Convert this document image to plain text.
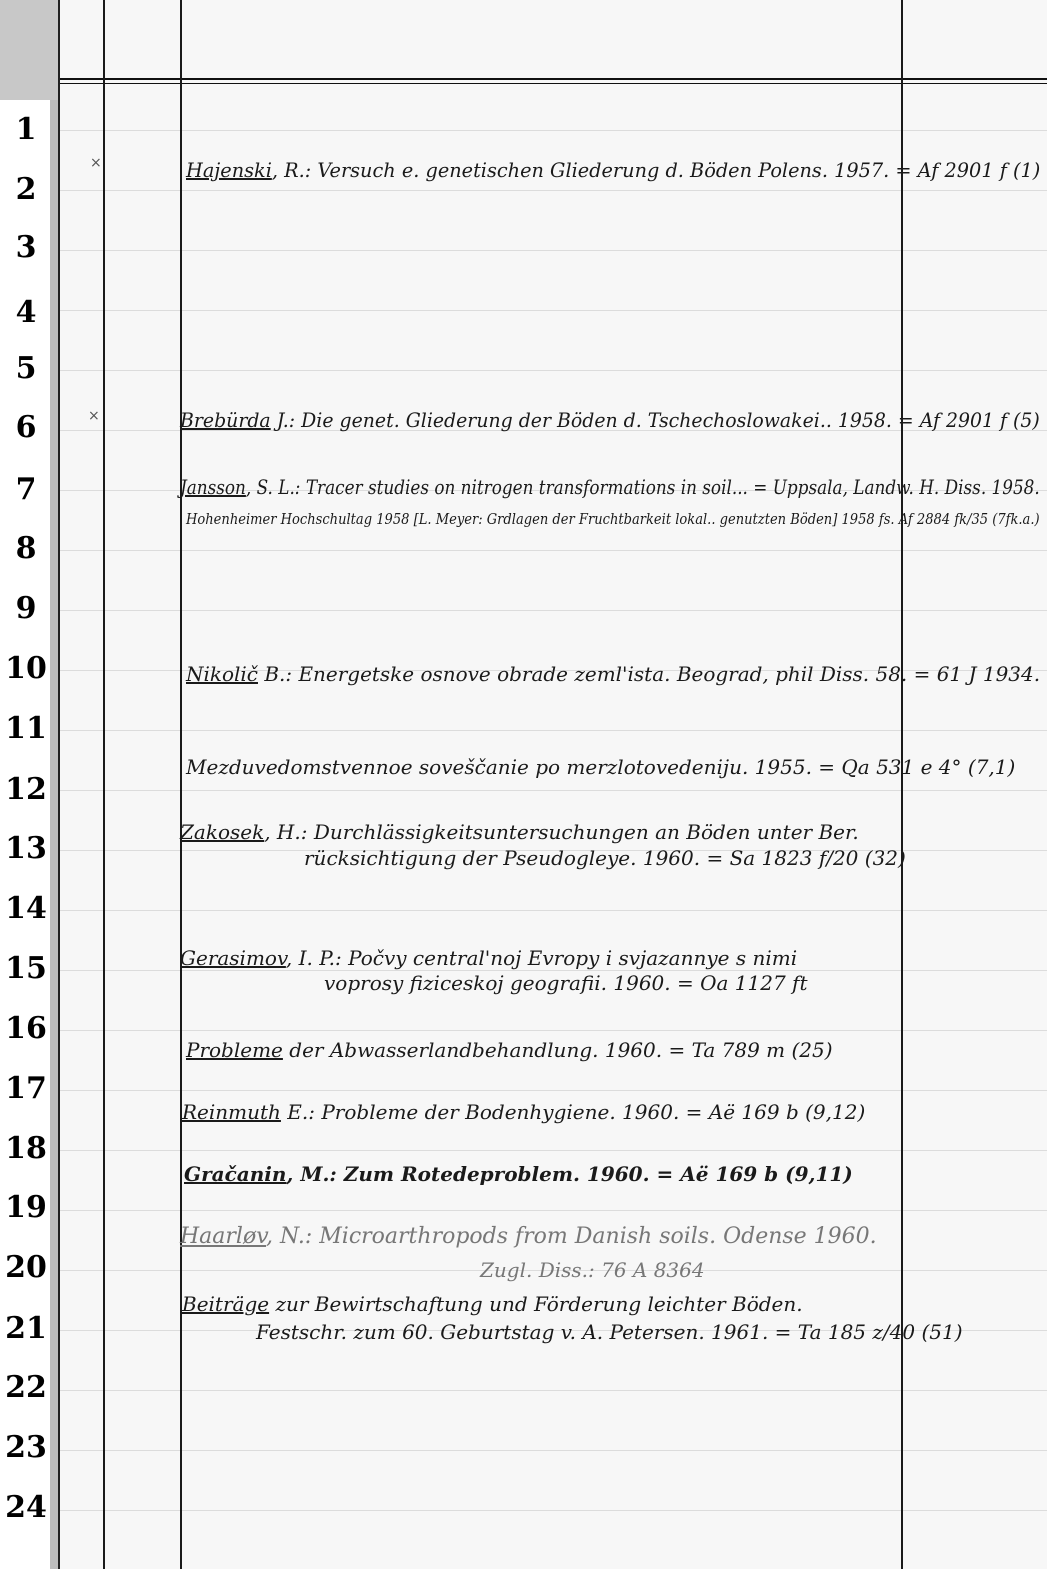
1
2
3
4
5
6
7
8
9
10
11
12
13
14
15
16
17
18
19
20
21
22
23
24
×
×
Hajenski, R.: Versuch e. genetischen Gliederung d. Böden Polens. 1957. = Af 2901 f (1)
Brebürda J.: Die genet. Gliederung der Böden d. Tschechoslowakei.. 1958. = Af 2901 f (5)
Jansson, S. L.: Tracer studies on nitrogen transformations in soil... = Uppsala, Landw. H. Diss. 1958.
Hohenheimer Hochschultag 1958 [L. Meyer: Grdlagen der Fruchtbarkeit lokal.. genutzten Böden] 1958 fs. Af 2884 fk/35 (7fk.a.)
Nikolič B.: Energetske osnove obrade zeml'ista. Beograd, phil Diss. 58. = 61 J 1934.
Mezduvedomstvennoe soveščanie po merzlotovedeniju. 1955. = Qa 531 e 4° (7,1)
Zakosek, H.: Durchlässigkeitsuntersuchungen an Böden unter Ber.
rücksichtigung der Pseudogleye. 1960. = Sa 1823 f/20 (32)
Gerasimov, I. P.: Počvy central'noj Evropy i svjazannye s nimi
voprosy fiziceskoj geografii. 1960. = Oa 1127 ft
Probleme der Abwasserlandbehandlung. 1960. = Ta 789 m (25)
Reinmuth E.: Probleme der Bodenhygiene. 1960. = Aë 169 b (9,12)
Gračanin, M.: Zum Rotedeproblem. 1960. = Aë 169 b (9,11)
Haarløv, N.: Microarthropods from Danish soils. Odense 1960.
Zugl. Diss.: 76 A 8364
Beiträge zur Bewirtschaftung und Förderung leichter Böden.
Festschr. zum 60. Geburtstag v. A. Petersen. 1961. = Ta 185 z/40 (51)
